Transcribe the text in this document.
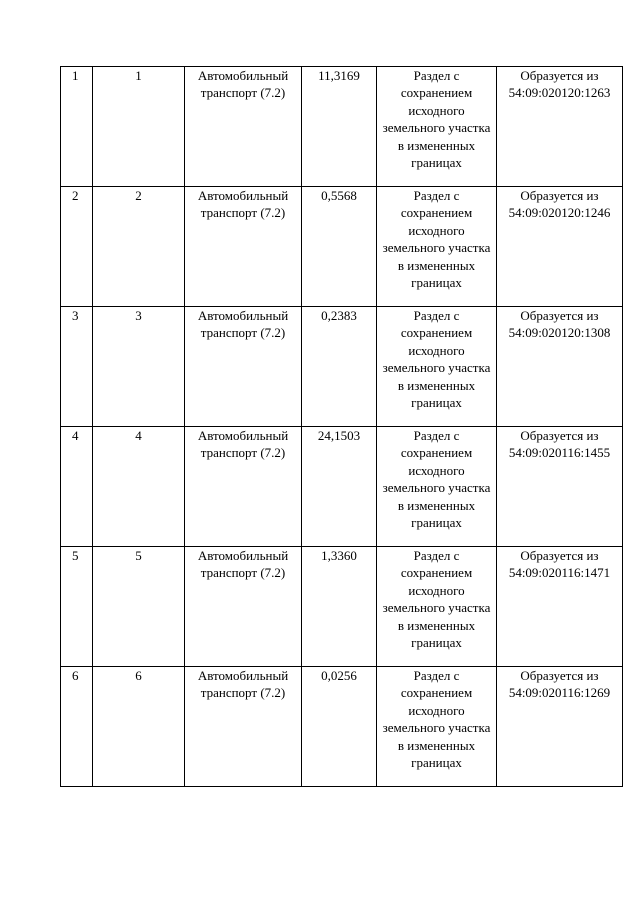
1	1	Автомобильный транспорт (7.2)	11,3169	Раздел с сохранением исходного земельного участка в измененных границах	Образуется из 54:09:020120:1263

2	2	Автомобильный транспорт (7.2)	0,5568	Раздел с сохранением исходного земельного участка в измененных границах	Образуется из 54:09:020120:1246

3	3	Автомобильный транспорт (7.2)	0,2383	Раздел с сохранением исходного земельного участка в измененных границах	Образуется из 54:09:020120:1308

4	4	Автомобильный транспорт (7.2)	24,1503	Раздел с сохранением исходного земельного участка в измененных границах	Образуется из 54:09:020116:1455

5	5	Автомобильный транспорт (7.2)	1,3360	Раздел с сохранением исходного земельного участка в измененных границах	Образуется из 54:09:020116:1471

6	6	Автомобильный транспорт (7.2)	0,0256	Раздел с сохранением исходного земельного участка в измененных границах	Образуется из 54:09:020116:1269
